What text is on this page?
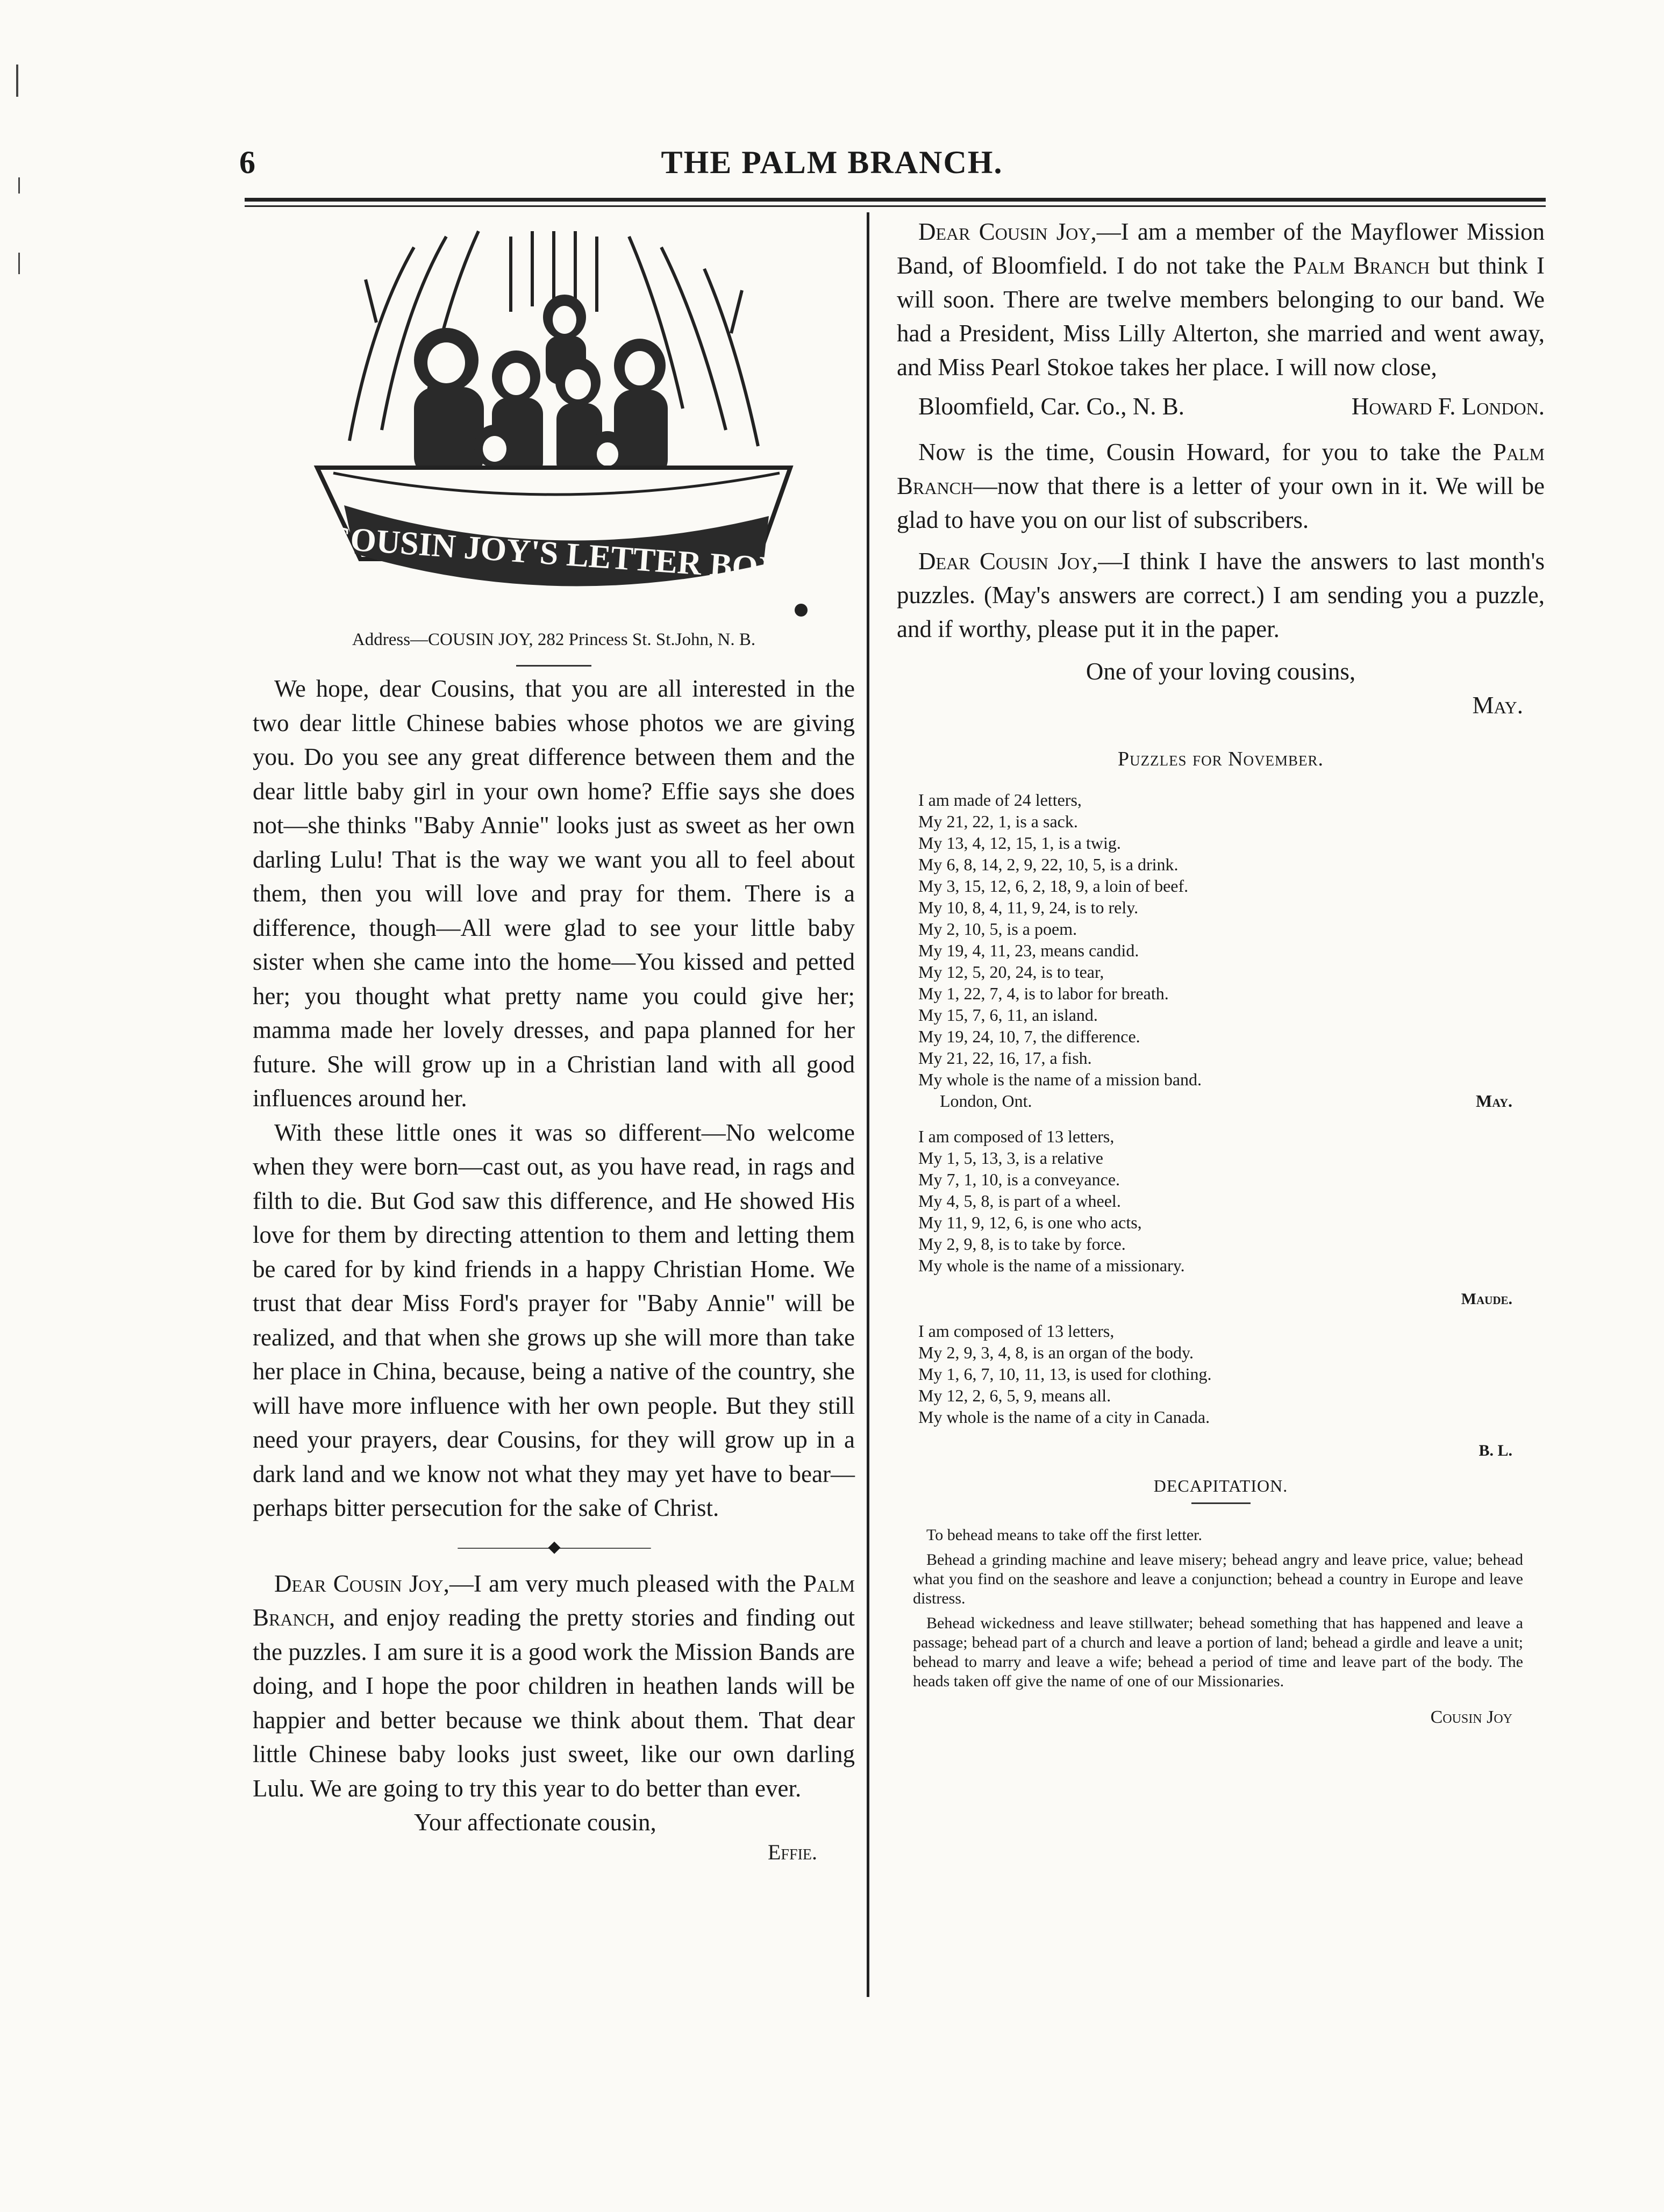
6	THE PALM BRANCH.
COUSIN JOY'S LETTER BOX
Address—COUSIN JOY, 282 Princess St. St.John, N. B.

We hope, dear Cousins, that you are all interested in the two dear little Chinese babies whose photos we are giving you. Do you see any great difference between them and the dear little baby girl in your own home? Effie says she does not—she thinks "Baby Annie" looks just as sweet as her own darling Lulu! That is the way we want you all to feel about them, then you will love and pray for them. There is a difference, though—All were glad to see your little baby sister when she came into the home—You kissed and petted her; you thought what pretty name you could give her; mamma made her lovely dresses, and papa planned for her future. She will grow up in a Christian land with all good influences around her.

With these little ones it was so different—No welcome when they were born—cast out, as you have read, in rags and filth to die. But God saw this difference, and He showed His love for them by directing attention to them and letting them be cared for by kind friends in a happy Christian Home. We trust that dear Miss Ford's prayer for "Baby Annie" will be realized, and that when she grows up she will more than take her place in China, because, being a native of the country, she will have more influence with her own people. But they still need your prayers, dear Cousins, for they will grow up in a dark land and we know not what they may yet have to bear—perhaps bitter persecution for the sake of Christ.

——————◆——————

Dear Cousin Joy,—I am very much pleased with the Palm Branch, and enjoy reading the pretty stories and finding out the puzzles. I am sure it is a good work the Mission Bands are doing, and I hope the poor children in heathen lands will be happier and better because we think about them. That dear little Chinese baby looks just sweet, like our own darling Lulu. We are going to try this year to do better than ever.

Your affectionate cousin,

Effie.

Dear Cousin Joy,—I am a member of the Mayflower Mission Band, of Bloomfield. I do not take the Palm Branch but think I will soon. There are twelve members belonging to our band. We had a President, Miss Lilly Alterton, she married and went away, and Miss Pearl Stokoe takes her place. I will now close,

Bloomfield, Car. Co., N. B.	Howard F. London.

Now is the time, Cousin Howard, for you to take the Palm Branch—now that there is a letter of your own in it. We will be glad to have you on our list of subscribers.

Dear Cousin Joy,—I think I have the answers to last month's puzzles. (May's answers are correct.) I am sending you a puzzle, and if worthy, please put it in the paper.

One of your loving cousins,

May.

Puzzles for November.
I am made of 24 letters,
My 21, 22, 1, is a sack.
My 13, 4, 12, 15, 1, is a twig.
My 6, 8, 14, 2, 9, 22, 10, 5, is a drink.
My 3, 15, 12, 6, 2, 18, 9, a loin of beef.
My 10, 8, 4, 11, 9, 24, is to rely.
My 2, 10, 5, is a poem.
My 19, 4, 11, 23, means candid.
My 12, 5, 20, 24, is to tear,
My 1, 22, 7, 4, is to labor for breath.
My 15, 7, 6, 11, an island.
My 19, 24, 10, 7, the difference.
My 21, 22, 16, 17, a fish.
My whole is the name of a mission band.
London, Ont.	May.
I am composed of 13 letters,
My 1, 5, 13, 3, is a relative
My 7, 1, 10, is a conveyance.
My 4, 5, 8, is part of a wheel.
My 11, 9, 12, 6, is one who acts,
My 2, 9, 8, is to take by force.
My whole is the name of a missionary.
Maude.
I am composed of 13 letters,
My 2, 9, 3, 4, 8, is an organ of the body.
My 1, 6, 7, 10, 11, 13, is used for clothing.
My 12, 2, 6, 5, 9, means all.
My whole is the name of a city in Canada.
B. L.
DECAPITATION.

To behead means to take off the first letter.

Behead a grinding machine and leave misery; behead angry and leave price, value; behead what you find on the seashore and leave a conjunction; behead a country in Europe and leave distress.

Behead wickedness and leave stillwater; behead something that has happened and leave a passage; behead part of a church and leave a portion of land; behead a girdle and leave a unit; behead to marry and leave a wife; behead a period of time and leave part of the body. The heads taken off give the name of one of our Missionaries.

Cousin Joy
